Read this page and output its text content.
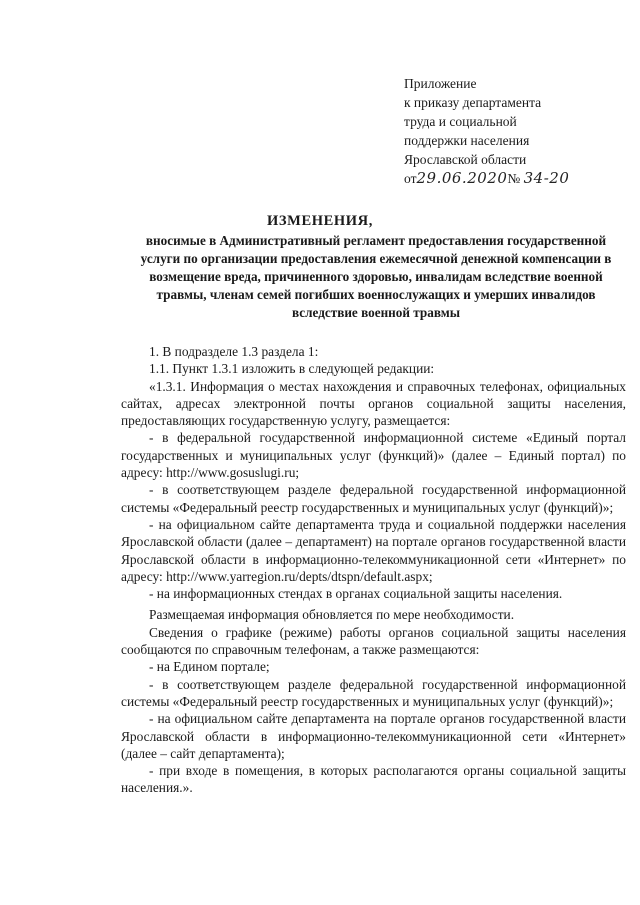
Приложение
к приказу департамента
труда и социальной
поддержки населения
Ярославской области
от29.06.2020№ 34-20
ИЗМЕНЕНИЯ,
вносимые в Административный регламент предоставления государственной услуги по организации предоставления ежемесячной денежной компенсации в возмещение вреда, причиненного здоровью, инвалидам вследствие военной травмы, членам семей погибших военнослужащих и умерших инвалидов вследствие военной травмы

1. В подразделе 1.3 раздела 1:

1.1. Пункт 1.3.1 изложить в следующей редакции:

«1.3.1. Информация о местах нахождения и справочных телефонах, официальных сайтах, адресах электронной почты органов социальной защиты населения, предоставляющих государственную услугу, размещается:

- в федеральной государственной информационной системе «Единый портал государственных и муниципальных услуг (функций)» (далее – Единый портал) по адресу: http://www.gosuslugi.ru;

- в соответствующем разделе федеральной государственной информационной системы «Федеральный реестр государственных и муниципальных услуг (функций)»;

- на официальном сайте департамента труда и социальной поддержки населения Ярославской области (далее – департамент) на портале органов государственной власти Ярославской области в информационно-телекоммуникационной сети «Интернет» по адресу: http://www.yarregion.ru/depts/dtspn/default.aspx;

- на информационных стендах в органах социальной защиты населения.

Размещаемая информация обновляется по мере необходимости.

Сведения о графике (режиме) работы органов социальной защиты населения сообщаются по справочным телефонам, а также размещаются:

- на Едином портале;

- в соответствующем разделе федеральной государственной информационной системы «Федеральный реестр государственных и муниципальных услуг (функций)»;

- на официальном сайте департамента на портале органов государственной власти Ярославской области в информационно-телекоммуникационной сети «Интернет» (далее – сайт департамента);

- при входе в помещения, в которых располагаются органы социальной защиты населения.».
